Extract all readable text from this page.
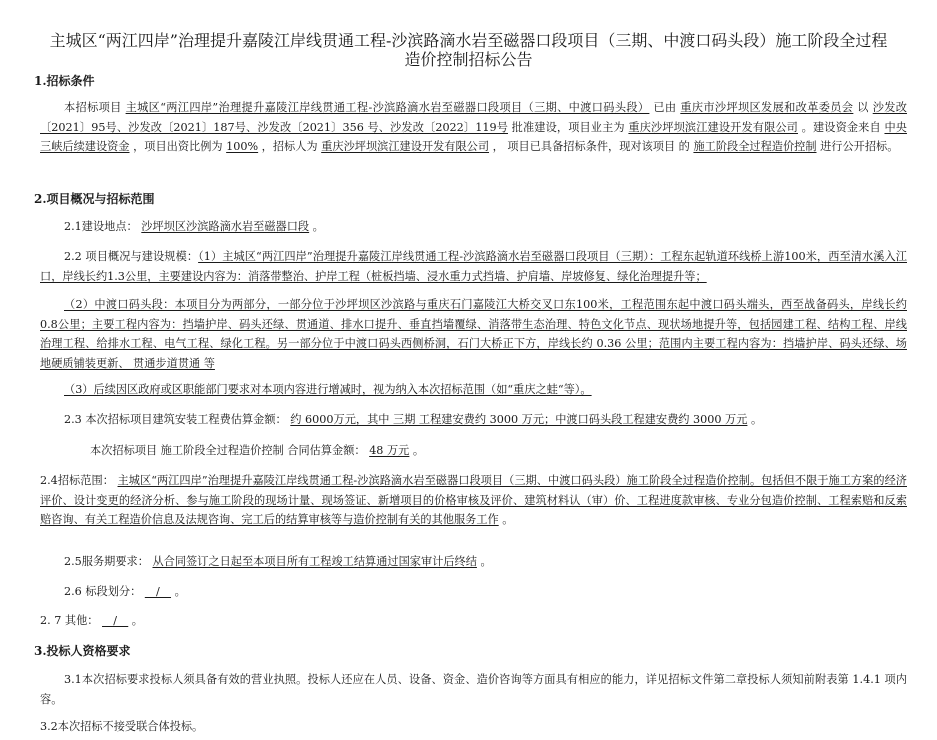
主城区“两江四岸”治理提升嘉陵江岸线贯通工程-沙滨路滴水岩至磁器口段项目（三期、中渡口码头段）施工阶段全过程
造价控制招标公告
1.招标条件
本招标项目 主城区“两江四岸”治理提升嘉陵江岸线贯通工程-沙滨路滴水岩至磁器口段项目（三期、中渡口码头段） 已由 重庆市沙坪坝区发展和改革委员会 以 沙发改〔2021〕95号、沙发改〔2021〕187号、沙发改〔2021〕356 号、沙发改〔2022〕119号 批准建设，项目业主为 重庆沙坪坝滨江建设开发有限公司 。建设资金来自 中央三峡后续建设资金 ，项目出资比例为 100% ，招标人为 重庆沙坪坝滨江建设开发有限公司 ， 项目已具备招标条件，现对该项目 的 施工阶段全过程造价控制 进行公开招标。
2.项目概况与招标范围
2.1建设地点： 沙坪坝区沙滨路滴水岩至磁器口段 。
2.2 项目概况与建设规模：（1）主城区“两江四岸”治理提升嘉陵江岸线贯通工程-沙滨路滴水岩至磁器口段项目（三期）：工程东起轨道环线桥上游100米，西至清水溪入江口，岸线长约1.3公里，主要建设内容为：消落带整治、护岸工程（桩板挡墙、浸水重力式挡墙、护肩墙、岸坡修复、绿化治理提升等；
（2）中渡口码头段：本项目分为两部分，一部分位于沙坪坝区沙滨路与重庆石门嘉陵江大桥交叉口东100米，工程范围东起中渡口码头端头，西至战备码头，岸线长约 0.8公里；主要工程内容为：挡墙护岸、码头还绿、贯通道、排水口提升、垂直挡墙覆绿、消落带生态治理、特色文化节点、现状场地提升等，包括园建工程、结构工程、岸线治理工程、给排水工程、电气工程、绿化工程。另一部分位于中渡口码头西侧桥洞，石门大桥正下方，岸线长约 0.36 公里；范围内主要工程内容为：挡墙护岸、码头还绿、场地硬质铺装更新、 贯通步道贯通 等
（3）后续因区政府或区职能部门要求对本项内容进行增减时，视为纳入本次招标范围（如“重庆之蛙“等）。
2.3 本次招标项目建筑安装工程费估算金额： 约 6000万元，其中 三期 工程建安费约 3000 万元；中渡口码头段工程建安费约 3000 万元 。
本次招标项目 施工阶段全过程造价控制 合同估算金额： 48 万元 。
2.4招标范围： 主城区“两江四岸”治理提升嘉陵江岸线贯通工程-沙滨路滴水岩至磁器口段项目（三期、中渡口码头段）施工阶段全过程造价控制。包括但不限于施工方案的经济评价、设计变更的经济分析、参与施工阶段的现场计量、现场签证、新增项目的价格审核及评价、建筑材料认（审）价、工程进度款审核、专业分包造价控制、工程索赔和反索赔咨询、有关工程造价信息及法规咨询、完工后的结算审核等与造价控制有关的其他服务工作 。
2.5服务期要求： 从合同签订之日起至本项目所有工程竣工结算通过国家审计后终结 。
2.6 标段划分： __/__ 。
2. 7 其他： __/__ 。
3.投标人资格要求
3.1本次招标要求投标人须具备有效的营业执照。投标人还应在人员、设备、资金、造价咨询等方面具有相应的能力，详见招标文件第二章投标人须知前附表第 1.4.1 项内容。
3.2本次招标不接受联合体投标。
